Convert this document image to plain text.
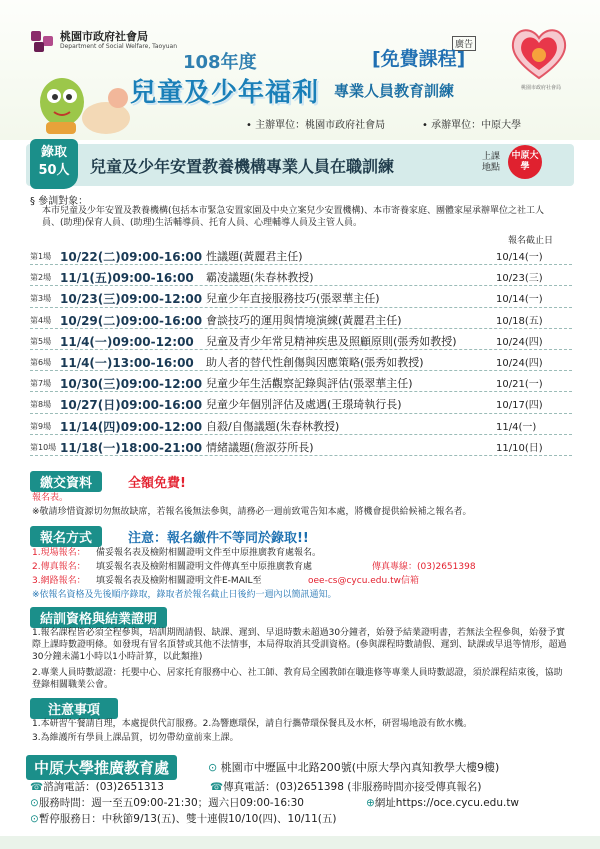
桃園市政府社會局
Department of Social Welfare, Taoyuan	廣告
桃園市政府社會局
108年度	[免費課程]
兒童及少年福利 專業人員教育訓練
• 主辦單位：桃園市政府社會局	• 承辦單位：中原大學
錄取
50人	兒童及少年安置教養機構專業人員在職訓練	上課地點
中原大學
§ 參訓對象：
本市兒童及少年安置及教養機構(包括本市緊急安置家園及中央立案兒少安置機構)、本市寄養家庭、團體家屋承辦單位之社工人員、(助理)保育人員、(助理)生活輔導員、托育人員、心理輔導人員及主管人員。
報名截止日
第1場 10/22(二)09:00-16:00 性議題(黃麗君主任)	10/14(一)
第2場 11/1(五)09:00-16:00 霸凌議題(朱春林教授)	10/23(三)
第3場 10/23(三)09:00-12:00 兒童少年直接服務技巧(張翠華主任)	10/14(一)
第4場 10/29(二)09:00-16:00 會談技巧的運用與情境演練(黃麗君主任)	10/18(五)
第5場 11/4(一)09:00-12:00 兒童及青少年常見精神疾患及照顧原則(張秀如教授)	10/24(四)
第6場 11/4(一)13:00-16:00 助人者的替代性創傷與因應策略(張秀如教授)	10/24(四)
第7場 10/30(三)09:00-12:00 兒童少年生活觀察記錄與評估(張翠華主任)	10/21(一)
第8場 10/27(日)09:00-16:00 兒童少年個別評估及處遇(王璟琦執行長)	10/17(四)
第9場 11/14(四)09:00-12:00 自殺/自傷議題(朱春林教授)	11/4(一)
第10場 11/18(一)18:00-21:00 情緒議題(詹淑芬所長)	11/10(日)
繳交資料	全額免費!
報名表。
※敬請珍惜資源切勿無故缺席，若報名後無法參與，請務必一週前致電告知本處，將機會提供給候補之報名者。
報名方式	注意：報名繳件不等同於錄取!!
1.現場報名： 備妥報名表及檢附相關證明文件至中原推廣教育處報名。
2.傳真報名： 填妥報名表及檢附相關證明文件傳真至中原推廣教育處	傳真專線：(03)2651398
3.網路報名： 填妥報名表及檢附相關證明文件E-MAIL至	oee-cs@cycu.edu.tw信箱
※依報名資格及先後順序錄取，錄取者於報名截止日後約一週內以簡訊通知。
結訓資格與結業證明
1.報名課程皆必須全程參與，培訓期間請假、缺課、遲到、早退時數未超過30分鐘者，始發予結業證明書，若無法全程參與，始發予實際上課時數證明條。如發現有冒名頂替或其他不法情事，本局得取消其受訓資格。(參與課程時數請假、遲到、缺課或早退等情形，超過30分鐘未滿1小時以1小時計算，以此類推)
2.專業人員時數認證：托嬰中心、居家托育服務中心、社工師、教育局全國教師在職進修等專業人員時數認證，須於課程結束後，協助登錄相關職業公會。
注意事項
1.本研習午餐請自理，本處提供代訂服務。2.為響應環保，請自行攜帶環保餐具及水杯，研習場地設有飲水機。
3.為維護所有學員上課品質，切勿帶幼童前來上課。
中原大學推廣教育處	⊙ 桃園市中壢區中北路200號(中原大學內真知教學大樓9樓)
☎諮詢電話：(03)2651313	☎傳真電話：(03)2651398 (非服務時間亦接受傳真報名)
⊙服務時間：週一至五09:00-21:30；週六日09:00-16:30	⊕網址https://oce.cycu.edu.tw
⊙暫停服務日：中秋節9/13(五)、雙十連假10/10(四)、10/11(五)
